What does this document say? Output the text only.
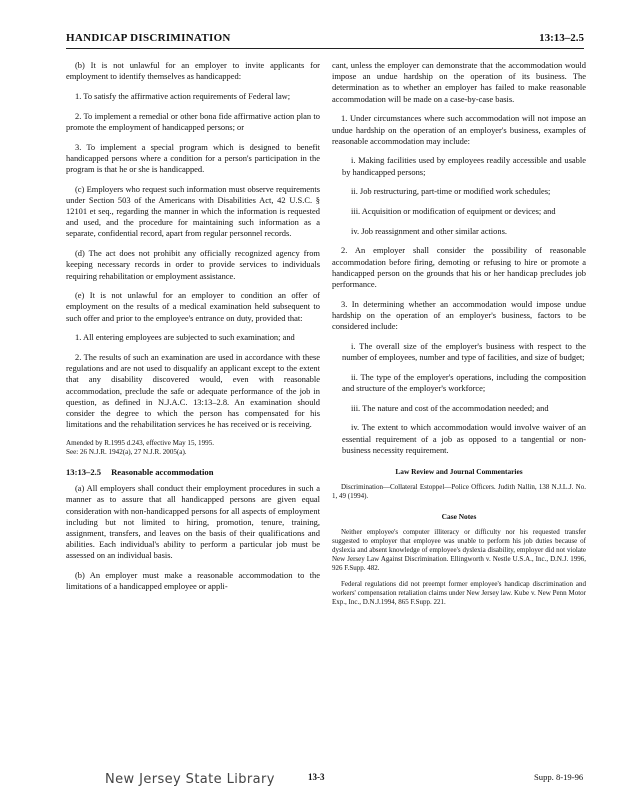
HANDICAP DISCRIMINATION	13:13–2.5

(b) It is not unlawful for an employer to invite applicants for employment to identify themselves as handicapped:

1. To satisfy the affirmative action requirements of Federal law;

2. To implement a remedial or other bona fide affirmative action plan to promote the employment of handicapped persons; or

3. To implement a special program which is designed to benefit handicapped persons where a condition for a person's participation in the program is that he or she is handicapped.

(c) Employers who request such information must observe requirements under Section 503 of the Americans with Disabilities Act, 42 U.S.C. § 12101 et seq., regarding the manner in which the information is requested and used, and the procedure for maintaining such information as a separate, confidential record, apart from regular personnel records.

(d) The act does not prohibit any officially recognized agency from keeping necessary records in order to provide services to individuals requiring rehabilitation or employment assistance.

(e) It is not unlawful for an employer to condition an offer of employment on the results of a medical examination held subsequent to such offer and prior to the employee's entrance on duty, provided that:

1. All entering employees are subjected to such examination; and

2. The results of such an examination are used in accordance with these regulations and are not used to disqualify an applicant except to the extent that any disability discovered would, even with reasonable accommodation, preclude the safe or adequate performance of the job in question, as defined in N.J.A.C. 13:13–2.8. An examination should consider the degree to which the person has compensated for his limitations and the rehabilitation services he has received or is receiving.

Amended by R.1995 d.243, effective May 15, 1995.
See: 26 N.J.R. 1942(a), 27 N.J.R. 2005(a).
13:13–2.5 Reasonable accommodation

(a) All employers shall conduct their employment procedures in such a manner as to assure that all handicapped persons are given equal consideration with non-handicapped persons for all aspects of employment including but not limited to hiring, promotion, tenure, training, assignment, transfers, and leaves on the basis of their qualifications and abilities. Each individual's ability to perform a particular job must be assessed on an individual basis.

(b) An employer must make a reasonable accommodation to the limitations of a handicapped employee or appli-

cant, unless the employer can demonstrate that the accommodation would impose an undue hardship on the operation of its business. The determination as to whether an employer has failed to make reasonable accommodation will be made on a case-by-case basis.

1. Under circumstances where such accommodation will not impose an undue hardship on the operation of an employer's business, examples of reasonable accommodation may include:

i. Making facilities used by employees readily accessible and usable by handicapped persons;

ii. Job restructuring, part-time or modified work schedules;

iii. Acquisition or modification of equipment or devices; and

iv. Job reassignment and other similar actions.

2. An employer shall consider the possibility of reasonable accommodation before firing, demoting or refusing to hire or promote a handicapped person on the grounds that his or her handicap precludes job performance.

3. In determining whether an accommodation would impose undue hardship on the operation of an employer's business, factors to be considered include:

i. The overall size of the employer's business with respect to the number of employees, number and type of facilities, and size of budget;

ii. The type of the employer's operations, including the composition and structure of the employer's workforce;

iii. The nature and cost of the accommodation needed; and

iv. The extent to which accommodation would involve waiver of an essential requirement of a job as opposed to a tangential or non-business necessity requirement.

Law Review and Journal Commentaries

Discrimination—Collateral Estoppel—Police Officers. Judith Nallin, 138 N.J.L.J. No. 1, 49 (1994).

Case Notes

Neither employee's computer illiteracy or difficulty nor his requested transfer suggested to employer that employee was unable to perform his job duties because of dyslexia and absent knowledge of employee's dyslexia disability, employer did not violate New Jersey Law Against Discrimination. Ellingworth v. Nestle U.S.A., Inc., D.N.J. 1996, 926 F.Supp. 482.

Federal regulations did not preempt former employee's handicap discrimination and workers' compensation retaliation claims under New Jersey law. Kube v. New Penn Motor Exp., Inc., D.N.J.1994, 865 F.Supp. 221.

New Jersey State Library	13-3	Supp. 8-19-96
